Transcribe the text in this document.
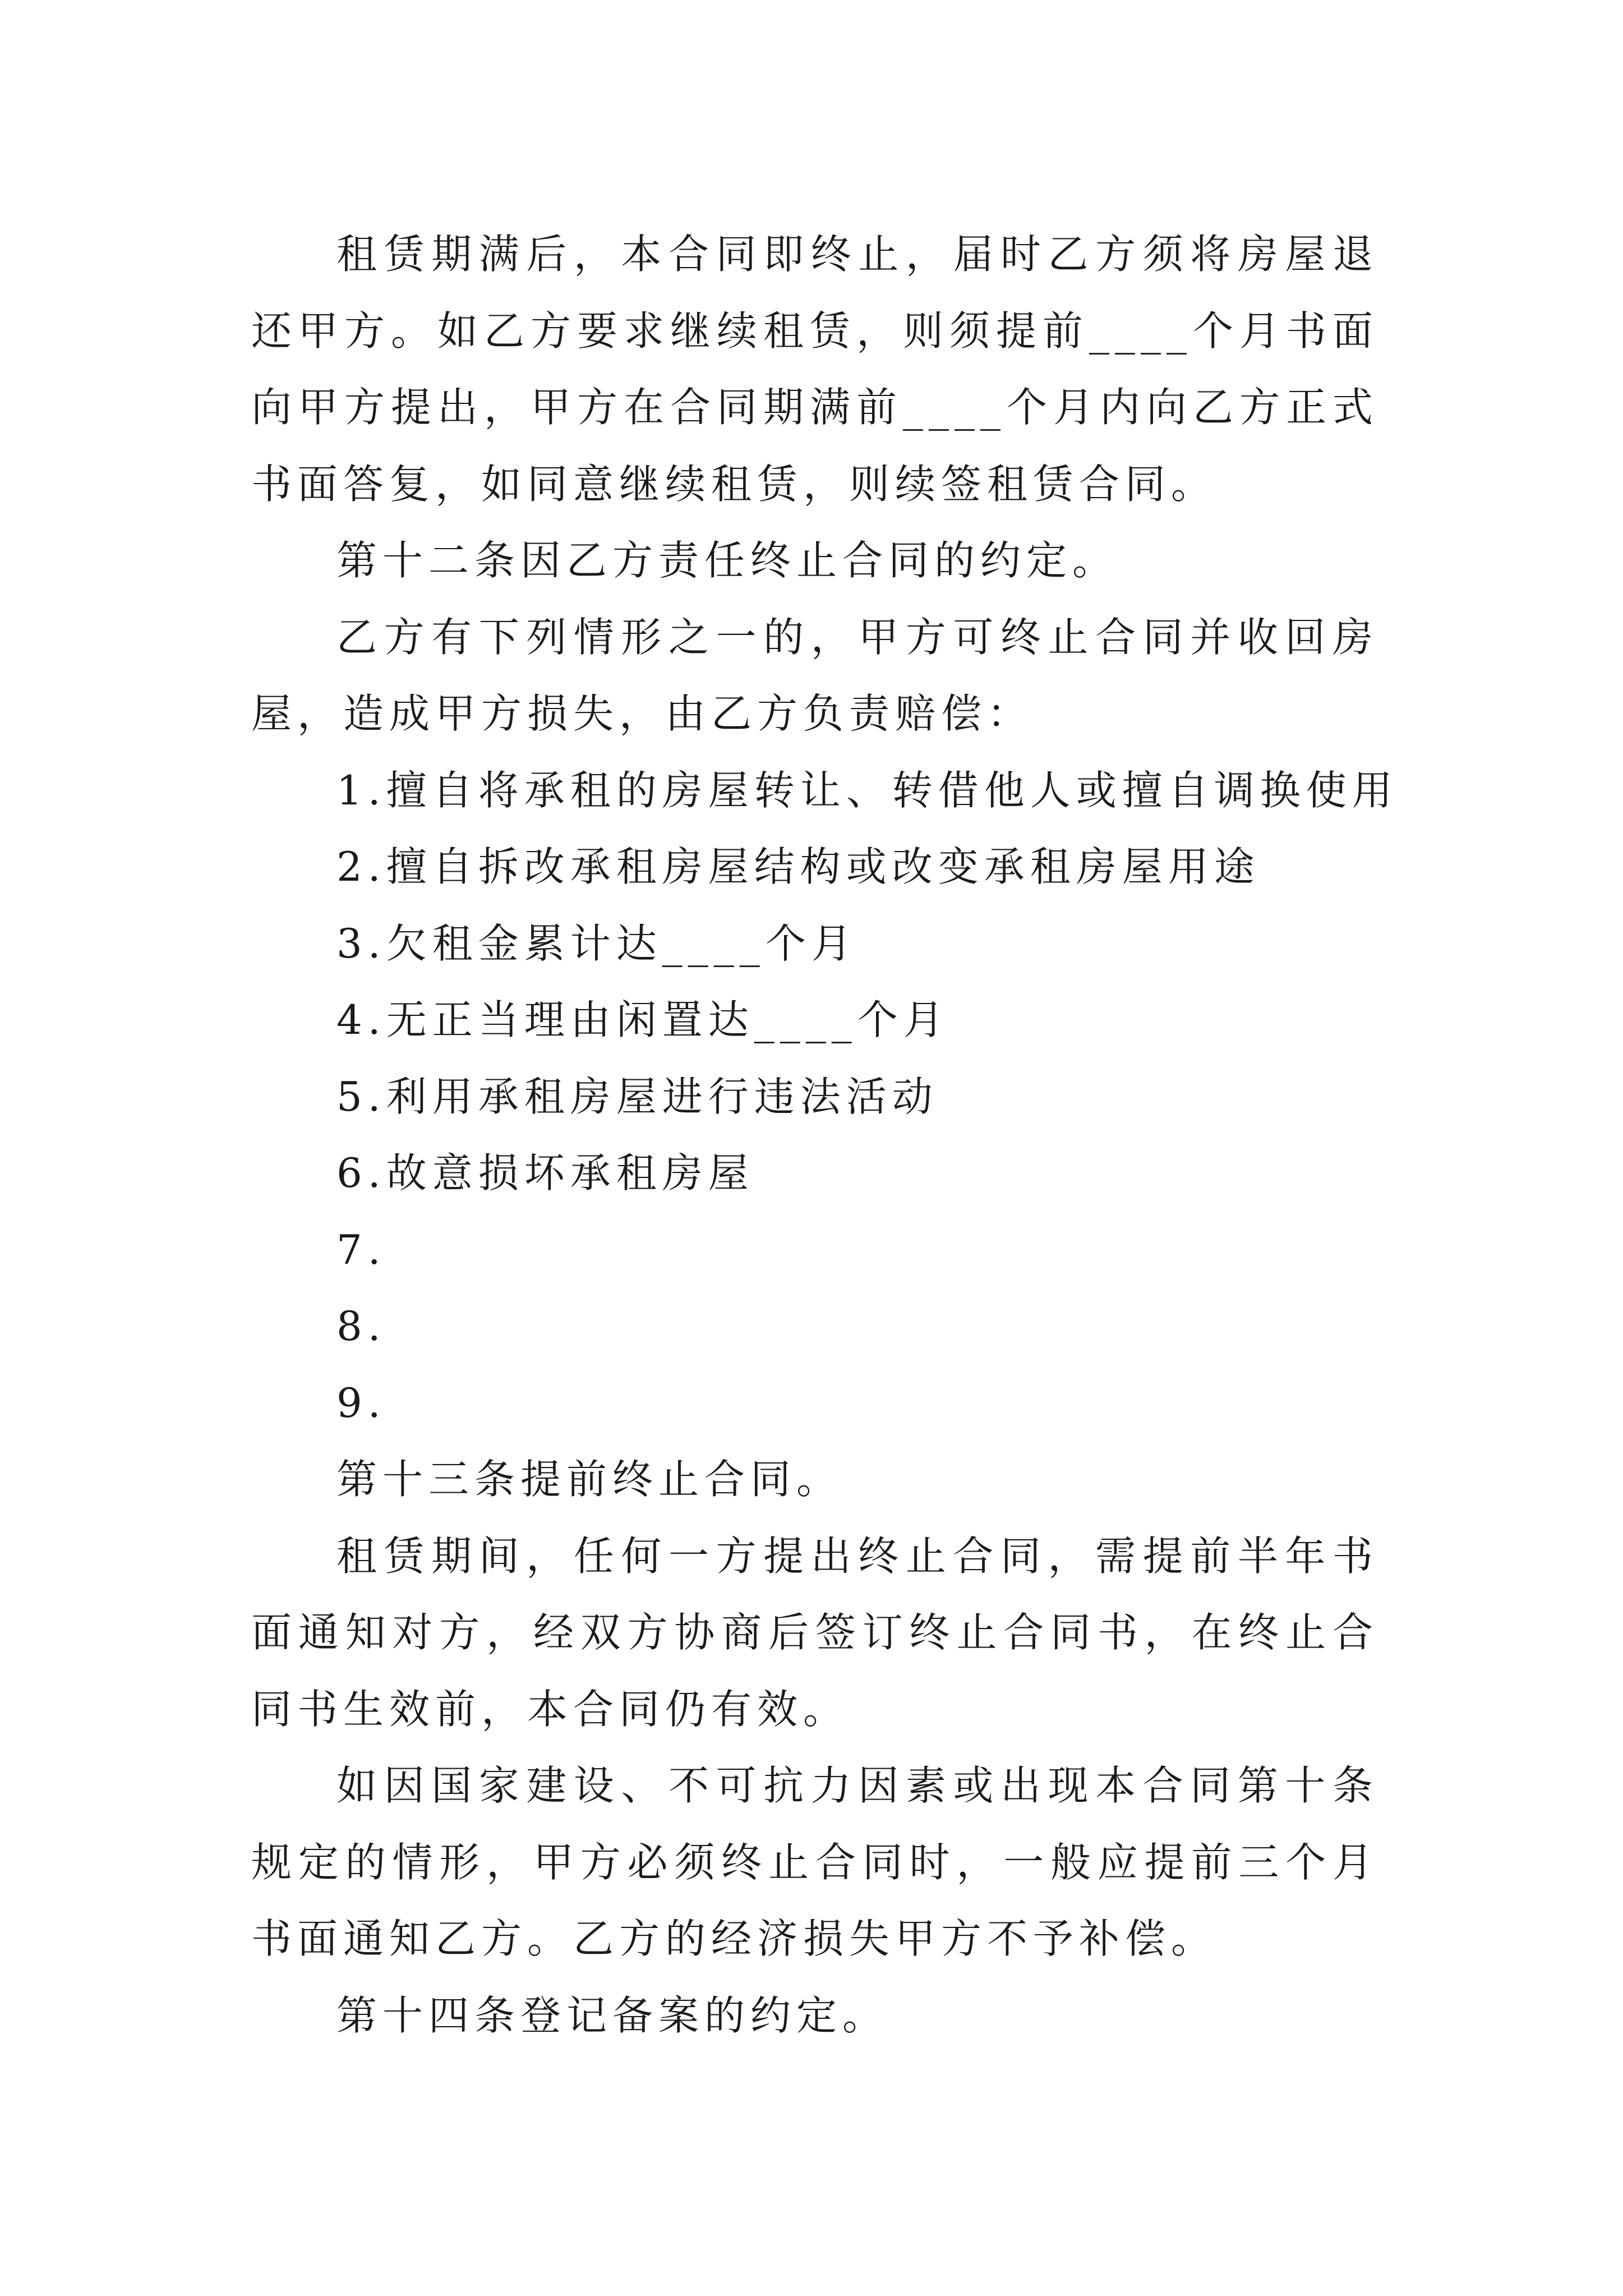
租赁期满后，本合同即终止，届时乙方须将房屋退还甲方。如乙方要求继续租赁，则须提前____个月书面向甲方提出，甲方在合同期满前____个月内向乙方正式书面答复，如同意继续租赁，则续签租赁合同。

第十二条因乙方责任终止合同的约定。

乙方有下列情形之一的，甲方可终止合同并收回房屋，造成甲方损失，由乙方负责赔偿：

1.擅自将承租的房屋转让、转借他人或擅自调换使用

2.擅自拆改承租房屋结构或改变承租房屋用途

3.欠租金累计达____个月

4.无正当理由闲置达____个月

5.利用承租房屋进行违法活动

6.故意损坏承租房屋

7.

8.

9.

第十三条提前终止合同。

租赁期间，任何一方提出终止合同，需提前半年书面通知对方，经双方协商后签订终止合同书，在终止合同书生效前，本合同仍有效。

如因国家建设、不可抗力因素或出现本合同第十条规定的情形，甲方必须终止合同时，一般应提前三个月书面通知乙方。乙方的经济损失甲方不予补偿。

第十四条登记备案的约定。
